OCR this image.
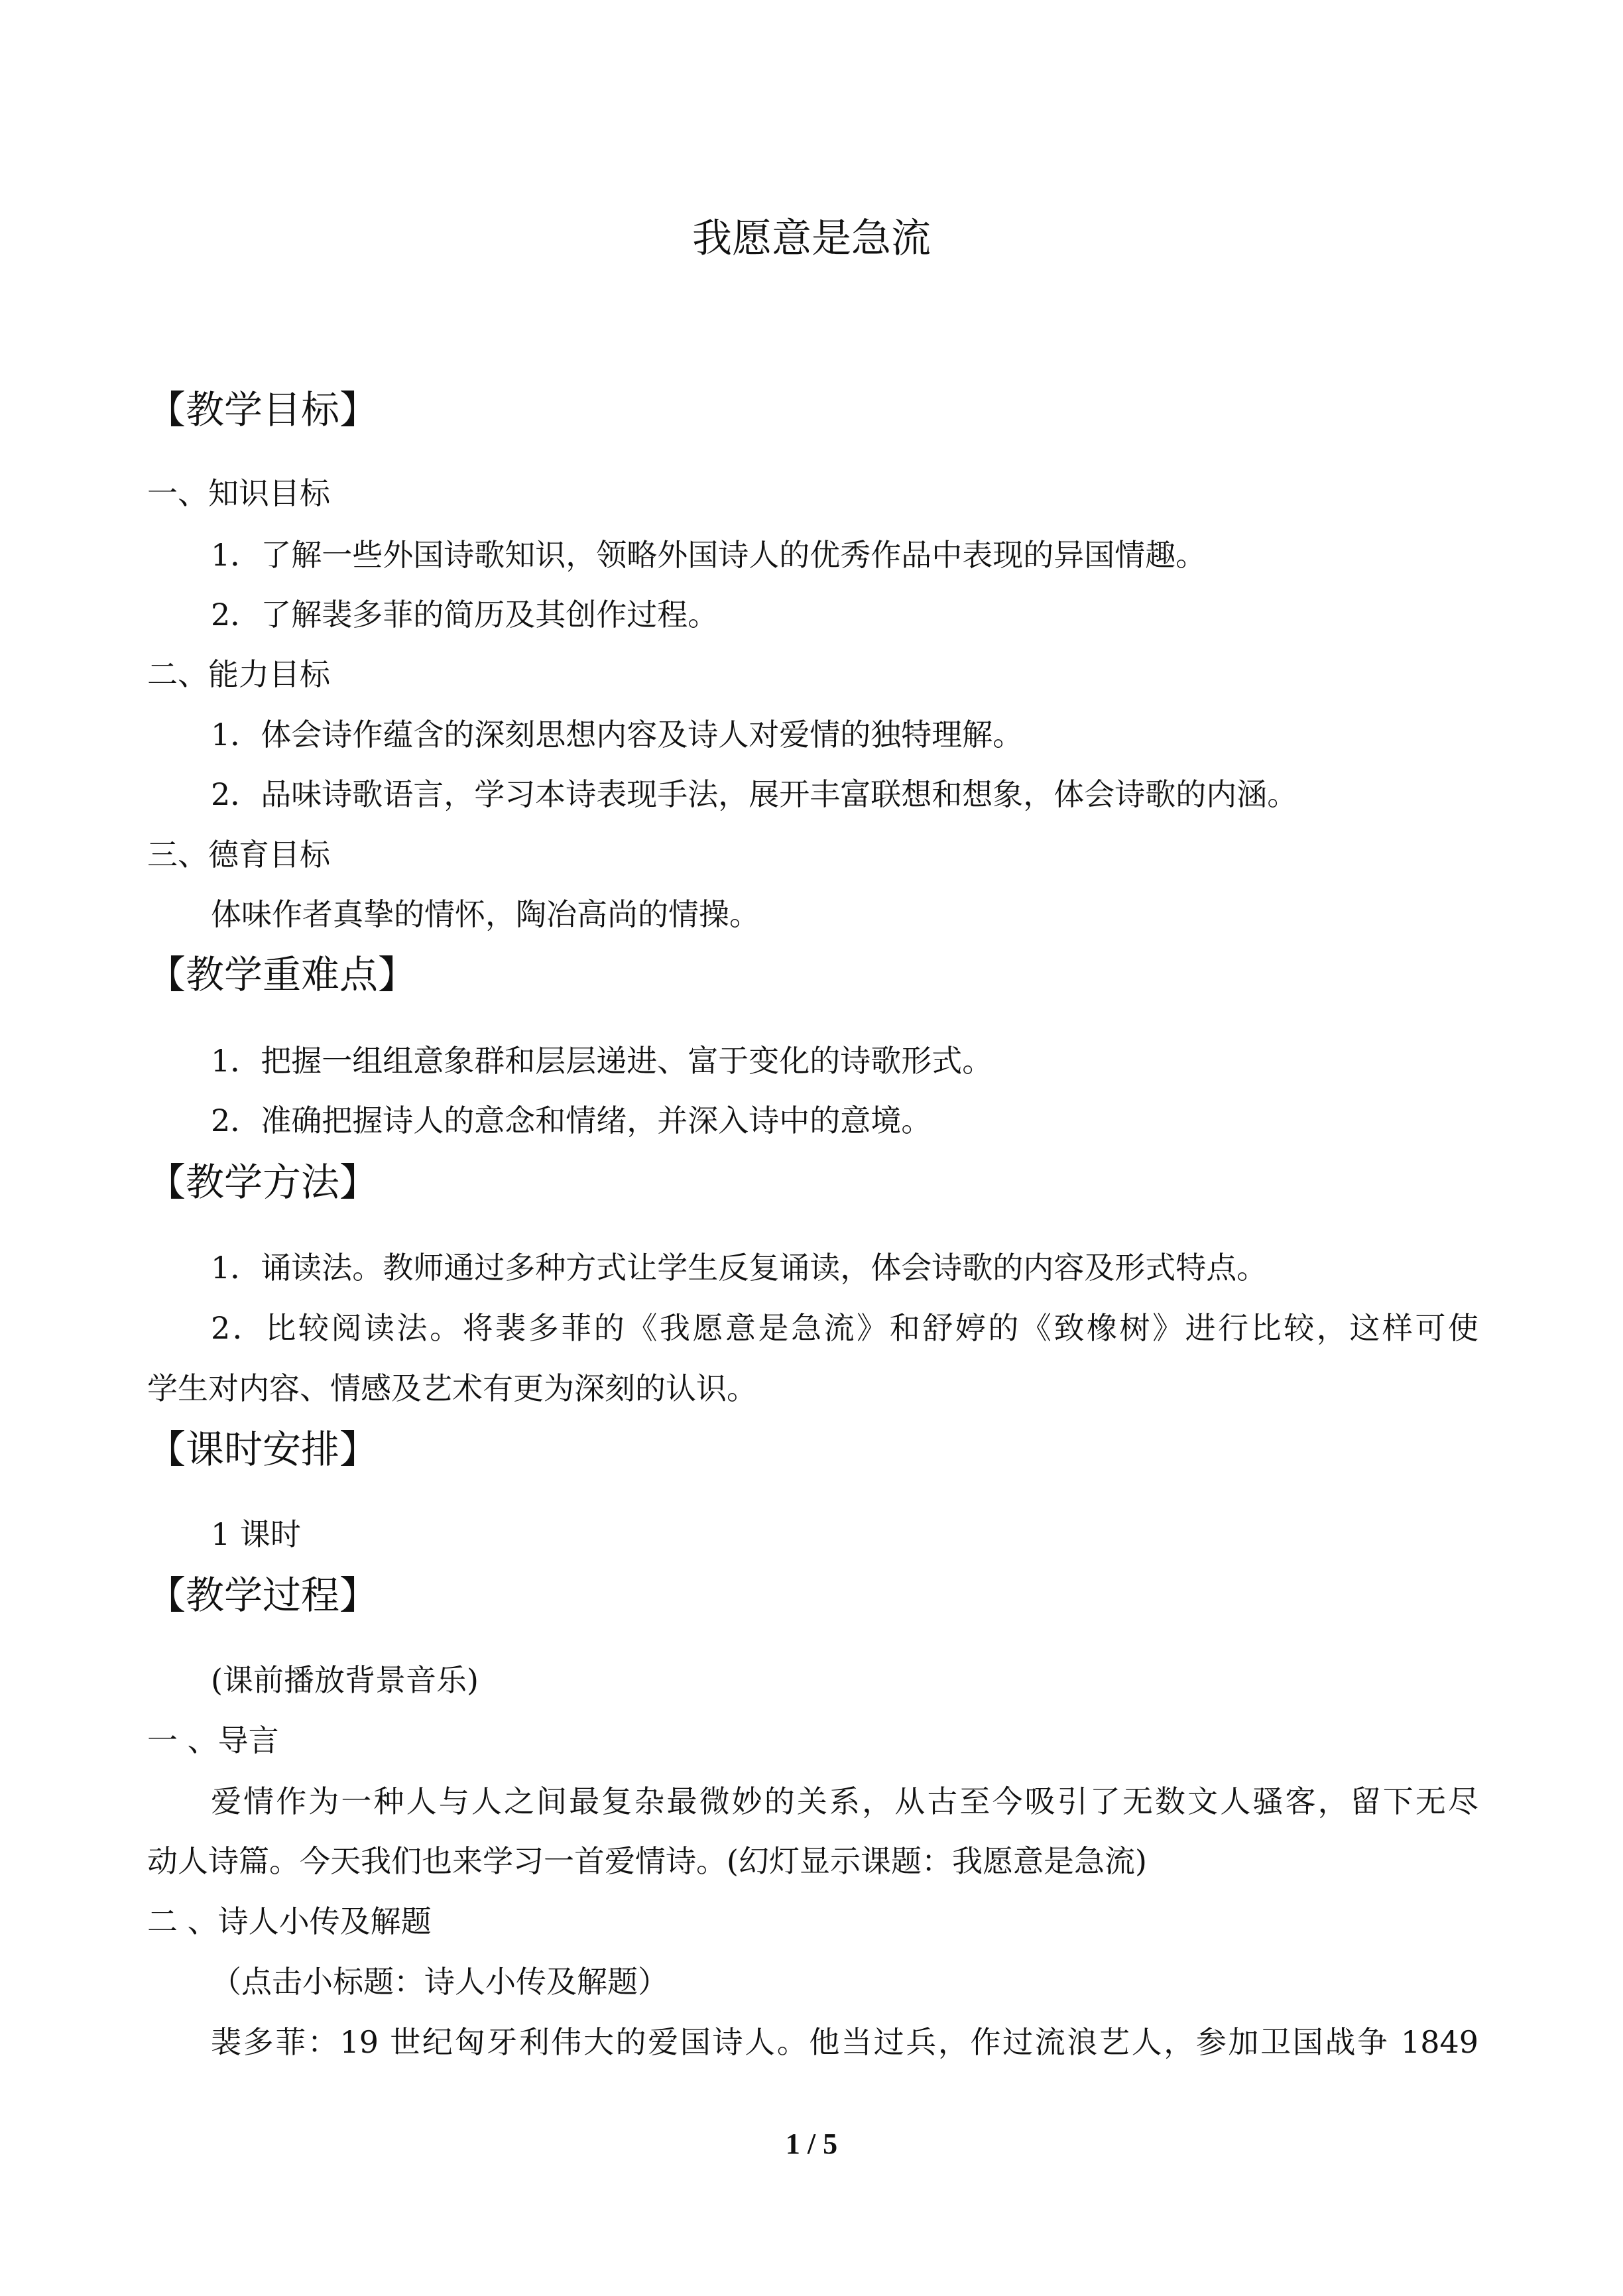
我愿意是急流
【教学目标】
一、知识目标
1．了解一些外国诗歌知识，领略外国诗人的优秀作品中表现的异国情趣。
2．了解裴多菲的简历及其创作过程。
二、能力目标
1．体会诗作蕴含的深刻思想内容及诗人对爱情的独特理解。
2．品味诗歌语言，学习本诗表现手法，展开丰富联想和想象，体会诗歌的内涵。
三、德育目标
体味作者真挚的情怀，陶冶高尚的情操。
【教学重难点】
1．把握一组组意象群和层层递进、富于变化的诗歌形式。
2．准确把握诗人的意念和情绪，并深入诗中的意境。
【教学方法】
1．诵读法。教师通过多种方式让学生反复诵读，体会诗歌的内容及形式特点。
2．比较阅读法。将裴多菲的《我愿意是急流》和舒婷的《致橡树》进行比较，这样可使
学生对内容、情感及艺术有更为深刻的认识。
【课时安排】
1 课时
【教学过程】
(课前播放背景音乐)
一 、导言
爱情作为一种人与人之间最复杂最微妙的关系，从古至今吸引了无数文人骚客，留下无尽
动人诗篇。今天我们也来学习一首爱情诗。(幻灯显示课题：我愿意是急流)
二 、诗人小传及解题
（点击小标题：诗人小传及解题）
裴多菲：19 世纪匈牙利伟大的爱国诗人。他当过兵，作过流浪艺人，参加卫国战争 1849
1 / 5
